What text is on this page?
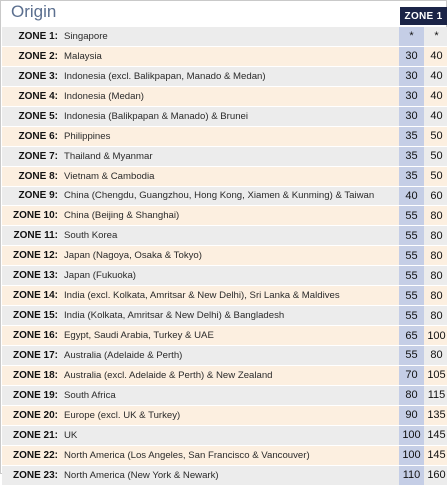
Origin	ZONE 1
ZONE 1: Singapore	*	*
ZONE 2: Malaysia	30	40
ZONE 3: Indonesia (excl. Balikpapan, Manado & Medan)	30	40
ZONE 4: Indonesia (Medan)	30	40
ZONE 5: Indonesia (Balikpapan & Manado) & Brunei	30	40
ZONE 6: Philippines	35	50
ZONE 7: Thailand & Myanmar	35	50
ZONE 8: Vietnam & Cambodia	35	50
ZONE 9: China (Chengdu, Guangzhou, Hong Kong, Xiamen & Kunming) & Taiwan	40	60
ZONE 10: China (Beijing & Shanghai)	55	80
ZONE 11: South Korea	55	80
ZONE 12: Japan (Nagoya, Osaka & Tokyo)	55	80
ZONE 13: Japan (Fukuoka)	55	80
ZONE 14: India (excl. Kolkata, Amritsar & New Delhi), Sri Lanka & Maldives	55	80
ZONE 15: India (Kolkata, Amritsar & New Delhi) & Bangladesh	55	80
ZONE 16: Egypt, Saudi Arabia, Turkey & UAE	65 100
ZONE 17: Australia (Adelaide & Perth)	55	80
ZONE 18: Australia (excl. Adelaide & Perth) & New Zealand	70 105
ZONE 19: South Africa	80 115
ZONE 20: Europe (excl. UK & Turkey)	90 135
ZONE 21: UK	100 145
ZONE 22: North America (Los Angeles, San Francisco & Vancouver)	100 145
ZONE 23: North America (New York & Newark)	110 160
